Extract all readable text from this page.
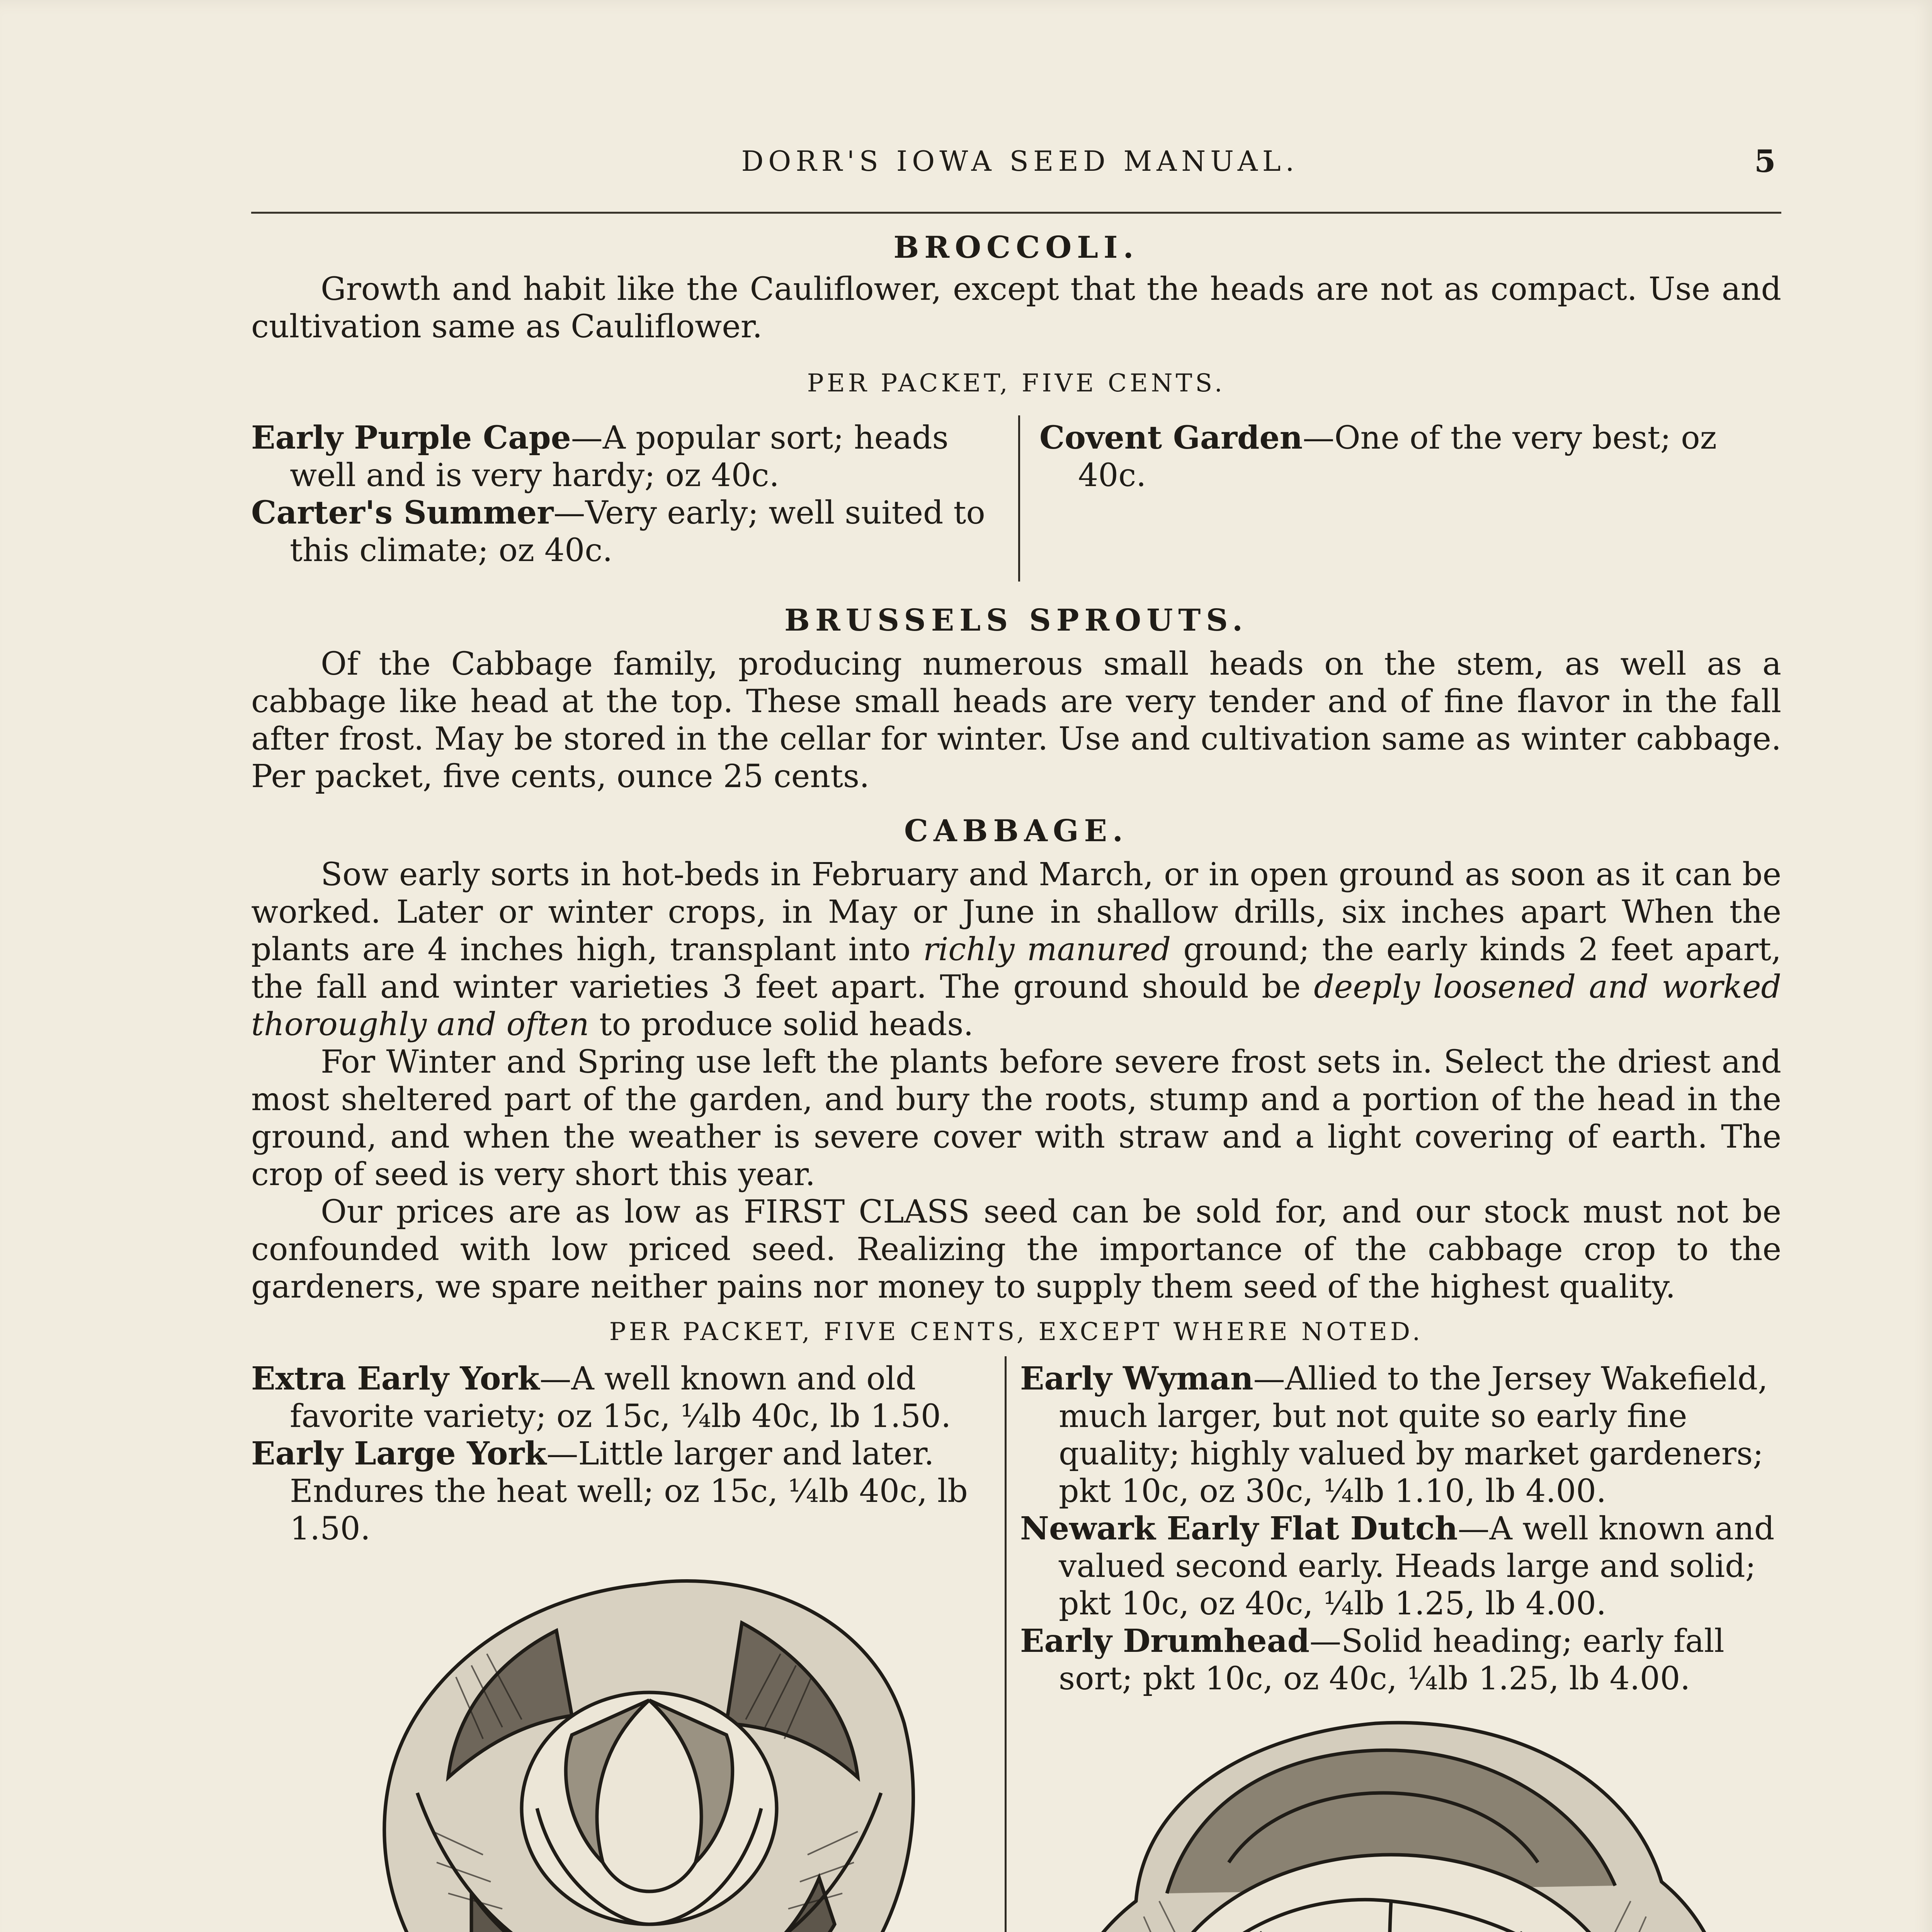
DORR'S IOWA SEED MANUAL.	5
BROCCOLI.

Growth and habit like the Cauliflower, except that the heads are not as compact. Use and cultivation same as Cauliflower.

PER PACKET, FIVE CENTS.

Early Purple Cape—A popular sort; heads well and is very hardy; oz 40c.

Carter's Summer—Very early; well suited to this climate; oz 40c.

Covent Garden—One of the very best; oz 40c.

BRUSSELS SPROUTS.

Of the Cabbage family, producing numerous small heads on the stem, as well as a cabbage like head at the top. These small heads are very tender and of fine flavor in the fall after frost. May be stored in the cellar for winter. Use and cultivation same as winter cabbage. Per packet, five cents, ounce 25 cents.

CABBAGE.

Sow early sorts in hot-beds in February and March, or in open ground as soon as it can be worked. Later or winter crops, in May or June in shallow drills, six inches apart When the plants are 4 inches high, transplant into richly manured ground; the early kinds 2 feet apart, the fall and winter varieties 3 feet apart. The ground should be deeply loosened and worked thoroughly and often to produce solid heads.

For Winter and Spring use left the plants before severe frost sets in. Select the driest and most sheltered part of the garden, and bury the roots, stump and a portion of the head in the ground, and when the weather is severe cover with straw and a light covering of earth. The crop of seed is very short this year.

Our prices are as low as FIRST CLASS seed can be sold for, and our stock must not be confounded with low priced seed. Realizing the importance of the cabbage crop to the gardeners, we spare neither pains nor money to supply them seed of the highest quality.

PER PACKET, FIVE CENTS, EXCEPT WHERE NOTED.

Extra Early York—A well known and old favorite variety; oz 15c, ¼lb 40c, lb 1.50.

Early Large York—Little larger and later. Endures the heat well; oz 15c, ¼lb 40c, lb 1.50.

Early Wyman—Allied to the Jersey Wakefield, much larger, but not quite so early fine quality; highly valued by market gardeners; pkt 10c, oz 30c, ¼lb 1.10, lb 4.00.

Newark Early Flat Dutch—A well known and valued second early. Heads large and solid; pkt 10c, oz 40c, ¼lb 1.25, lb 4.00.

Early Drumhead—Solid heading; early fall sort; pkt 10c, oz 40c, ¼lb 1.25, lb 4.00.
